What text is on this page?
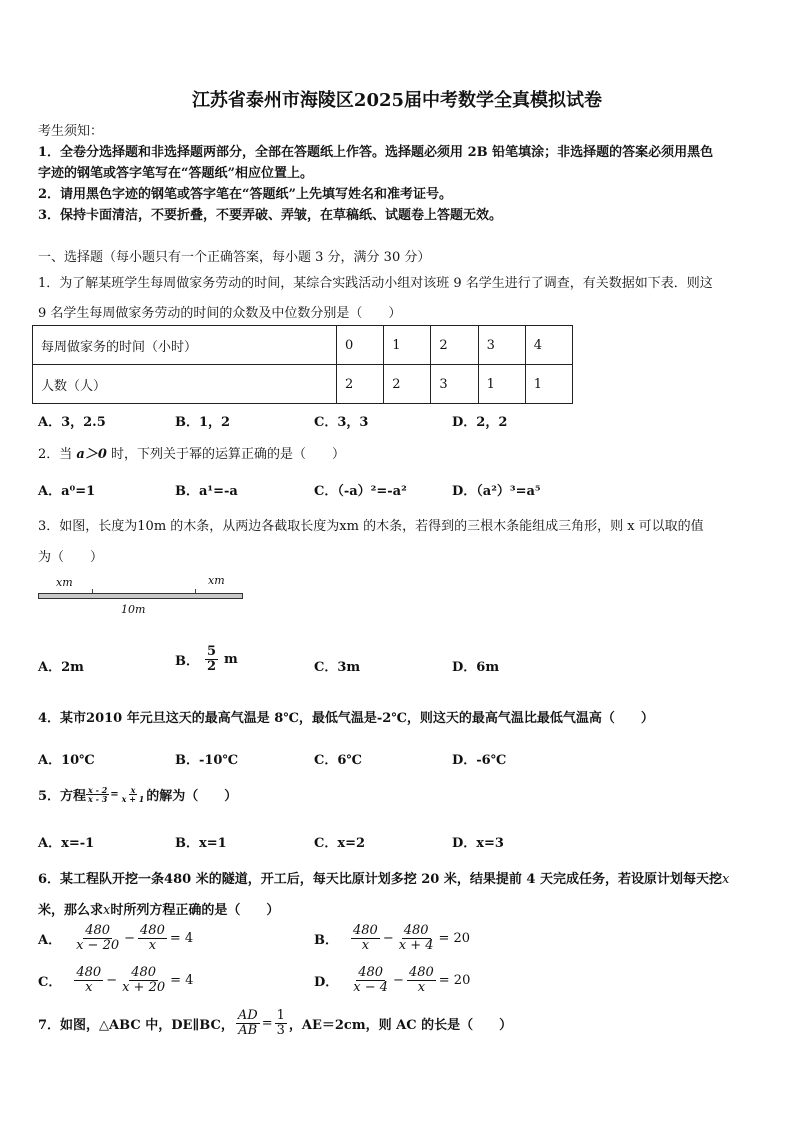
江苏省泰州市海陵区2025届中考数学全真模拟试卷
考生须知：
1．全卷分选择题和非选择题两部分，全部在答题纸上作答。选择题必须用 2B 铅笔填涂；非选择题的答案必须用黑色
字迹的钢笔或答字笔写在“答题纸”相应位置上。
2．请用黑色字迹的钢笔或答字笔在“答题纸”上先填写姓名和准考证号。
3．保持卡面清洁，不要折叠，不要弄破、弄皱，在草稿纸、试题卷上答题无效。
一、选择题（每小题只有一个正确答案，每小题 3 分，满分 30 分）
1．为了解某班学生每周做家务劳动的时间，某综合实践活动小组对该班 9 名学生进行了调查，有关数据如下表．则这
9 名学生每周做家务劳动的时间的众数及中位数分别是（　　）
每周做家务的时间（小时）	0	1	2	3	4
人数（人）	2	2	3	1	1
A．3，2.5	B．1，2	C．3，3	D．2，2
2．当 a＞0 时，下列关于幂的运算正确的是（　　）
A．a⁰=1	B．a¹=-a	C．（-a）²=-a²	D．（a²）³=a⁵
3．如图，长度为10m 的木条，从两边各截取长度为xm 的木条，若得到的三根木条能组成三角形，则 x 可以取的值
为（　　）
xm	xm
10m
A．2m	B． $\frac{5}{2}$ m
C．3m	D．6m
4．某市2010 年元旦这天的最高气温是 8℃，最低气温是-2℃，则这天的最高气温比最低气温高（　　）
A．10℃	B．-10℃	C．6℃	D．-6℃
5．方程 $\frac{x - 2}{x - 3} = \frac{x}{x + 1}$ 的解为（　　）
A．x=-1	B．x=1	C．x=2	D．x=3
6．某工程队开挖一条480 米的隧道，开工后，每天比原计划多挖 20 米，结果提前 4 天完成任务，若设原计划每天挖x
米，那么求x时所列方程正确的是（　　）
A． $\frac{480}{x - 20} - \frac{480}{x} = 4$	B． $\frac{480}{x} - \frac{480}{x + 4} = 20$
C． $\frac{480}{x} - \frac{480}{x + 20} = 4$	D． $\frac{480}{x - 4} - \frac{480}{x} = 20$
7．如图，△ABC 中，DE∥BC， $\frac{AD}{AB} = \frac{1}{3}$ ，AE＝2cm，则 AC 的长是（　　）
